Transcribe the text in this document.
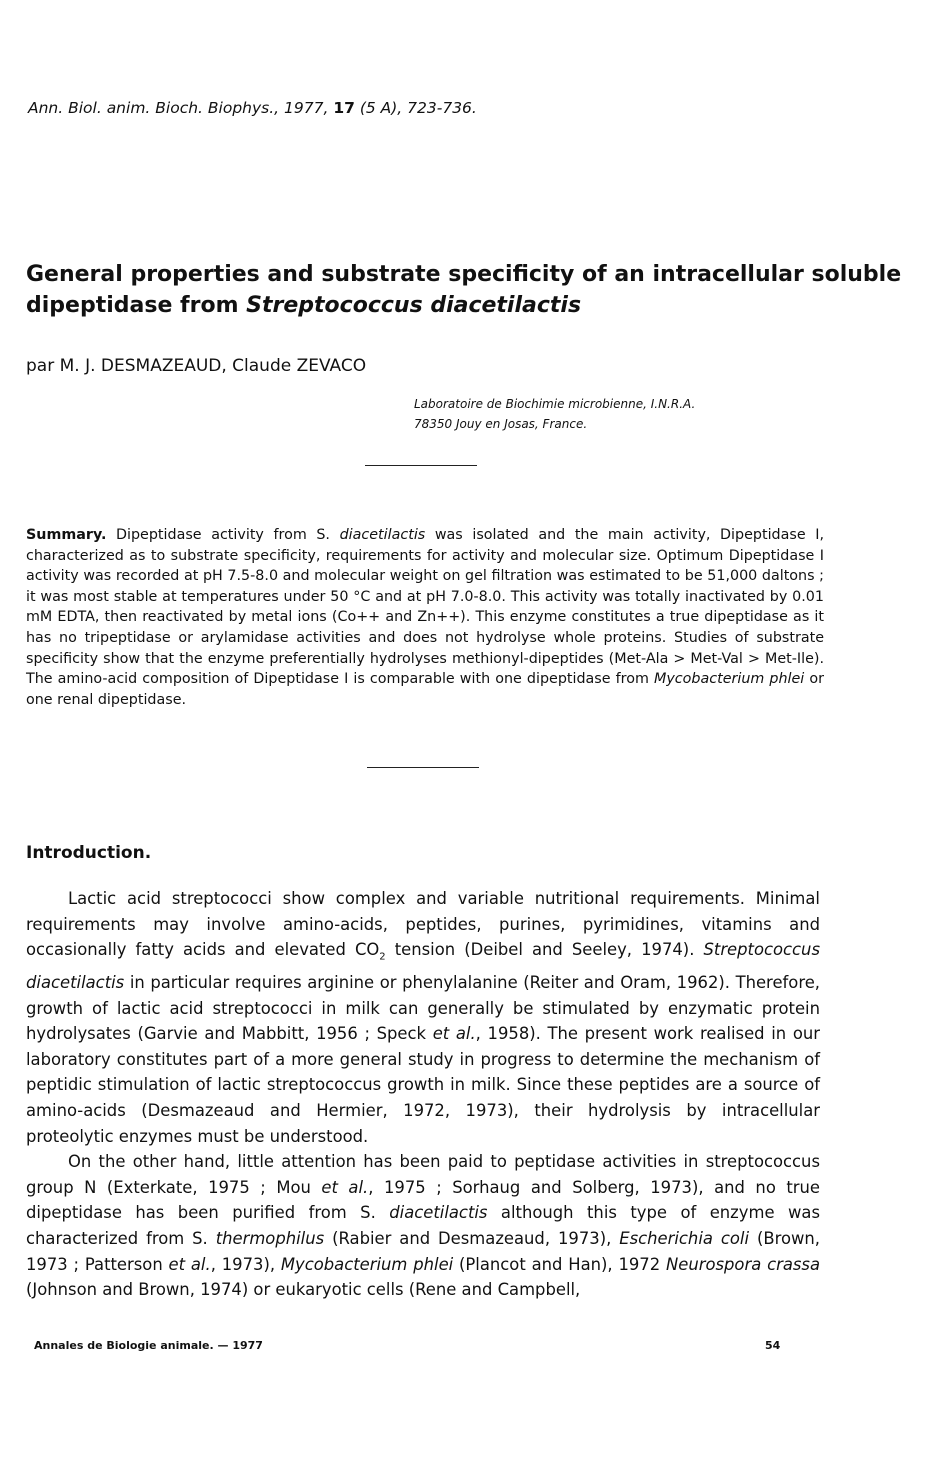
Ann. Biol. anim. Bioch. Biophys., 1977, 17 (5 A), 723-736.
General properties and substrate specificity of an intracellular soluble dipeptidase from Streptococcus diacetilactis
par M. J. DESMAZEAUD, Claude ZEVACO
Laboratoire de Biochimie microbienne, I.N.R.A.
78350 Jouy en Josas, France.
Summary. Dipeptidase activity from S. diacetilactis was isolated and the main activity, Dipeptidase I, characterized as to substrate specificity, requirements for activity and molecular size. Optimum Dipeptidase I activity was recorded at pH 7.5-8.0 and molecular weight on gel filtration was estimated to be 51,000 daltons ; it was most stable at temperatures under 50 °C and at pH 7.0-8.0. This activity was totally inactivated by 0.01 mM EDTA, then reactivated by metal ions (Co++ and Zn++). This enzyme constitutes a true dipeptidase as it has no tripeptidase or arylamidase activities and does not hydrolyse whole proteins. Studies of substrate specificity show that the enzyme preferentially hydrolyses methionyl-dipeptides (Met-Ala > Met-Val > Met-Ile). The amino-acid composition of Dipeptidase I is comparable with one dipeptidase from Mycobacterium phlei or one renal dipeptidase.
Introduction.

Lactic acid streptococci show complex and variable nutritional requirements. Minimal requirements may involve amino-acids, peptides, purines, pyrimidines, vitamins and occasionally fatty acids and elevated $CO_2$ tension (Deibel and Seeley, 1974). Streptococcus diacetilactis in particular requires arginine or phenylalanine (Reiter and Oram, 1962). Therefore, growth of lactic acid streptococci in milk can generally be stimulated by enzymatic protein hydrolysates (Garvie and Mabbitt, 1956 ; Speck et al., 1958). The present work realised in our laboratory constitutes part of a more general study in progress to determine the mechanism of peptidic stimulation of lactic streptococcus growth in milk. Since these peptides are a source of amino-acids (Desmazeaud and Hermier, 1972, 1973), their hydrolysis by intracellular proteolytic enzymes must be understood.

On the other hand, little attention has been paid to peptidase activities in streptococcus group N (Exterkate, 1975 ; Mou et al., 1975 ; Sorhaug and Solberg, 1973), and no true dipeptidase has been purified from S. diacetilactis although this type of enzyme was characterized from S. thermophilus (Rabier and Desmazeaud, 1973), Escherichia coli (Brown, 1973 ; Patterson et al., 1973), Mycobacterium phlei (Plancot and Han), 1972 Neurospora crassa (Johnson and Brown, 1974) or eukaryotic cells (Rene and Campbell,

Annales de Biologie animale. — 1977	54
